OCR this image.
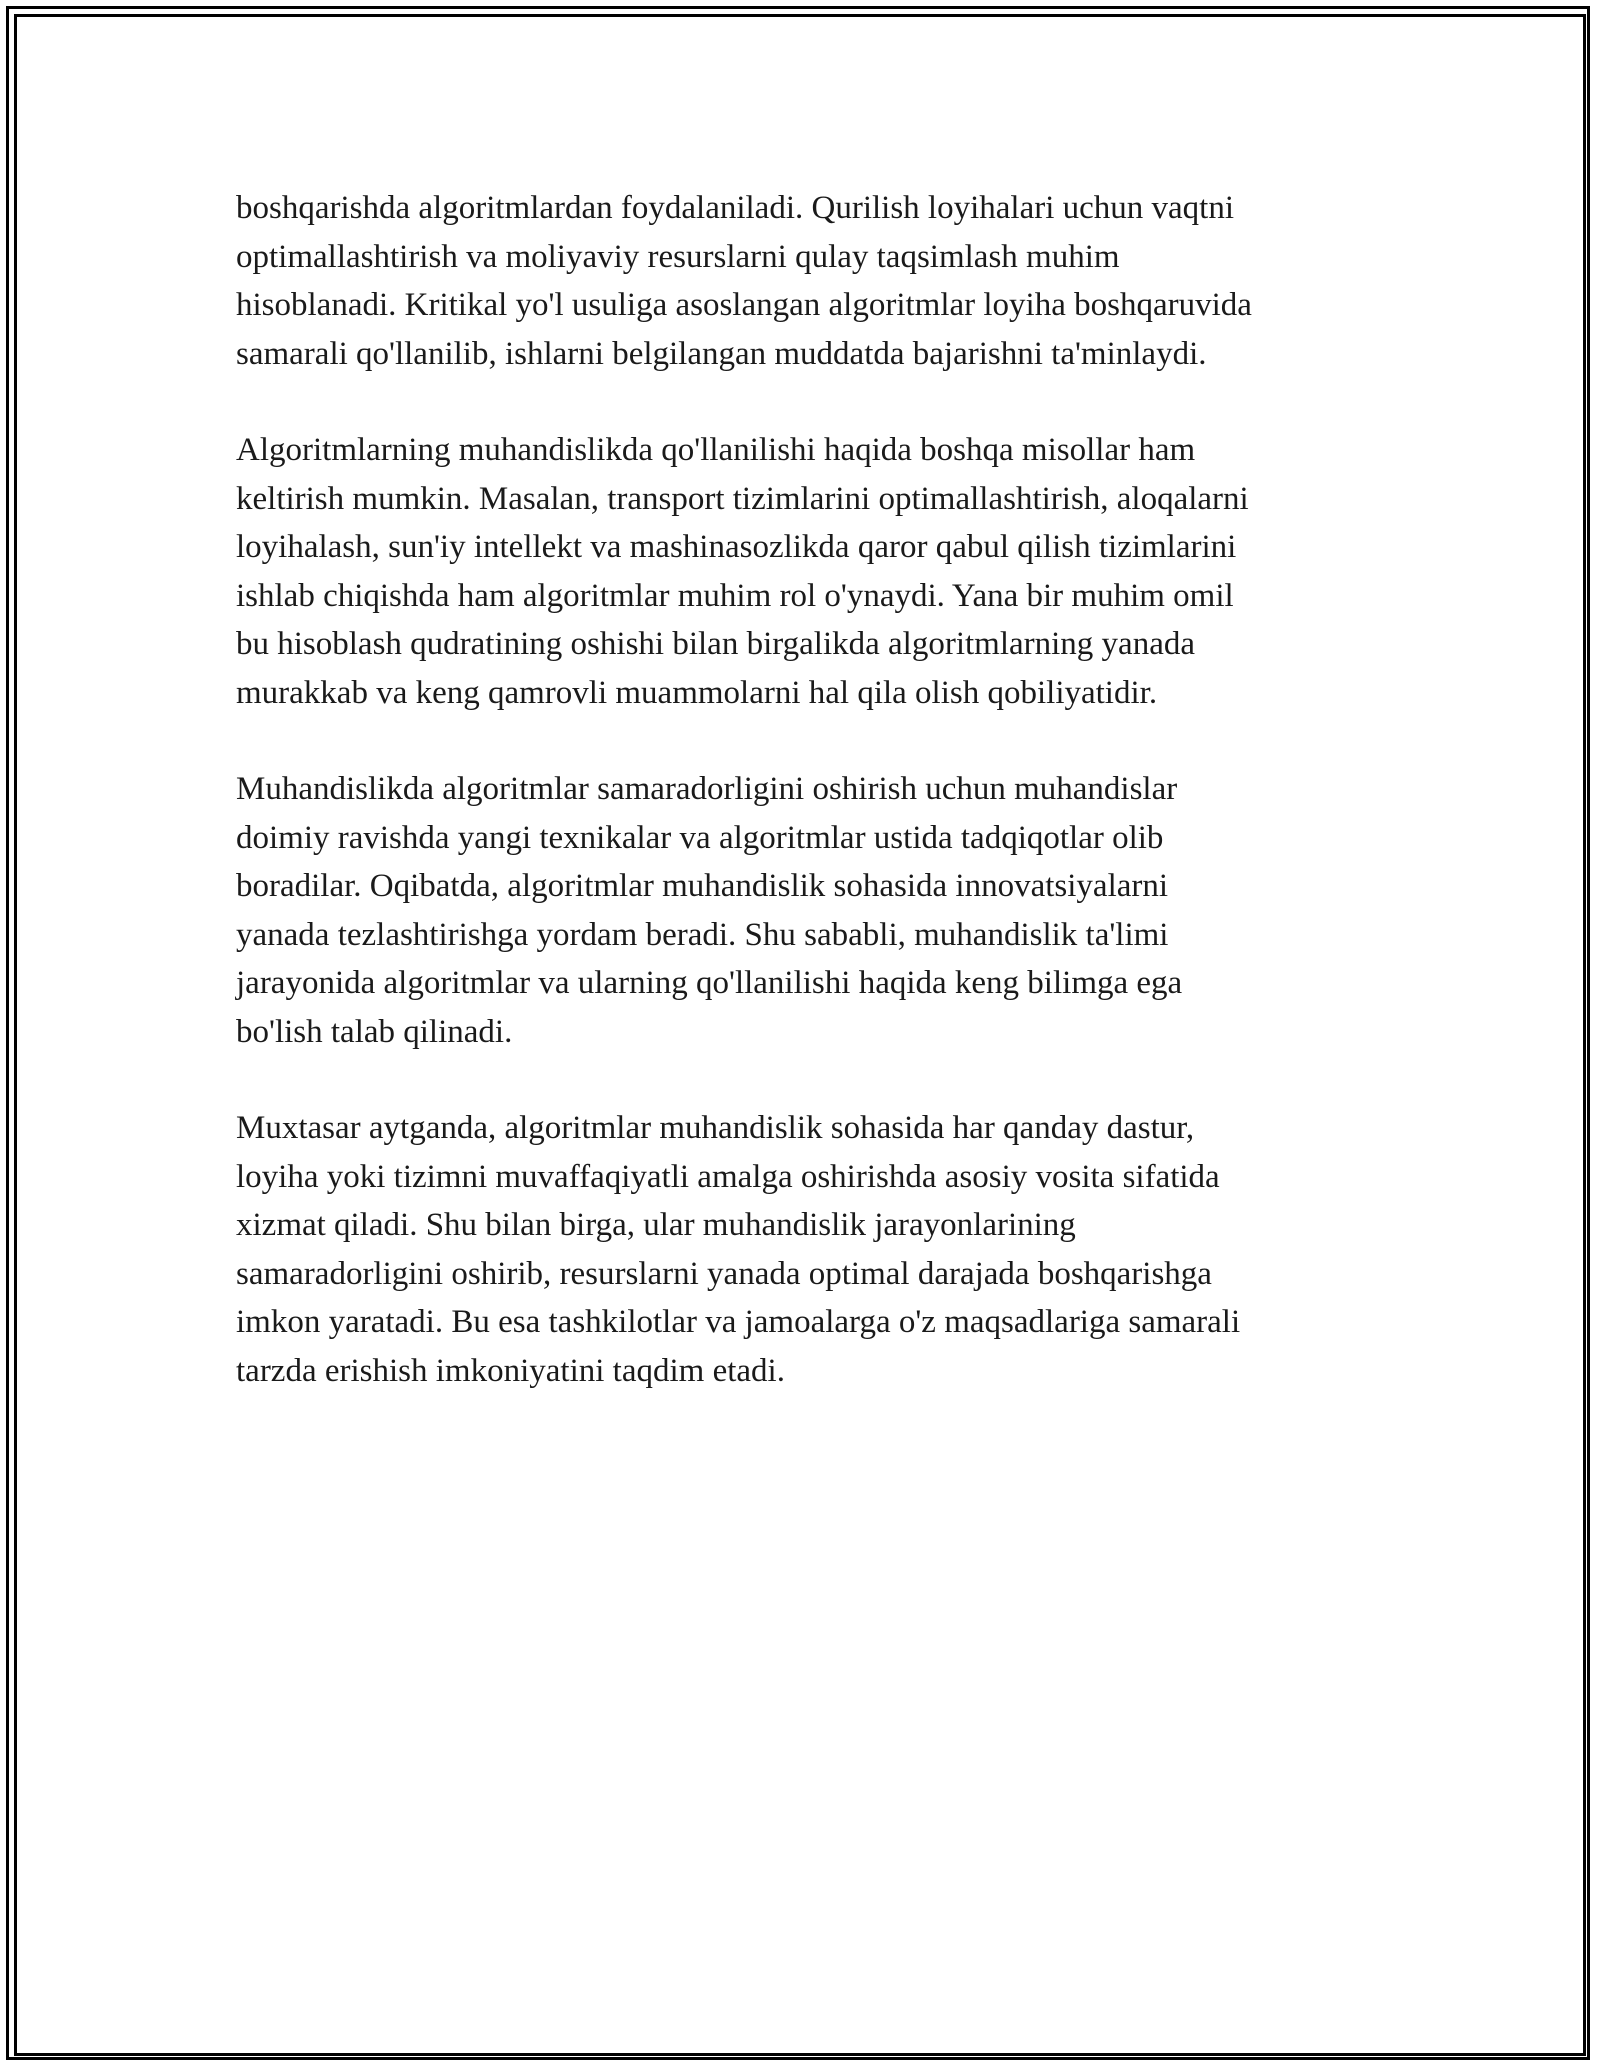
boshqarishda algoritmlardan foydalaniladi. Qurilish loyihalari uchun vaqtni
optimallashtirish va moliyaviy resurslarni qulay taqsimlash muhim
hisoblanadi. Kritikal yo'l usuliga asoslangan algoritmlar loyiha boshqaruvida
samarali qo'llanilib, ishlarni belgilangan muddatda bajarishni ta'minlaydi.

Algoritmlarning muhandislikda qo'llanilishi haqida boshqa misollar ham
keltirish mumkin. Masalan, transport tizimlarini optimallashtirish, aloqalarni
loyihalash, sun'iy intellekt va mashinasozlikda qaror qabul qilish tizimlarini
ishlab chiqishda ham algoritmlar muhim rol o'ynaydi. Yana bir muhim omil
bu hisoblash qudratining oshishi bilan birgalikda algoritmlarning yanada
murakkab va keng qamrovli muammolarni hal qila olish qobiliyatidir.

Muhandislikda algoritmlar samaradorligini oshirish uchun muhandislar
doimiy ravishda yangi texnikalar va algoritmlar ustida tadqiqotlar olib
boradilar. Oqibatda, algoritmlar muhandislik sohasida innovatsiyalarni
yanada tezlashtirishga yordam beradi. Shu sababli, muhandislik ta'limi
jarayonida algoritmlar va ularning qo'llanilishi haqida keng bilimga ega
bo'lish talab qilinadi.

Muxtasar aytganda, algoritmlar muhandislik sohasida har qanday dastur,
loyiha yoki tizimni muvaffaqiyatli amalga oshirishda asosiy vosita sifatida
xizmat qiladi. Shu bilan birga, ular muhandislik jarayonlarining
samaradorligini oshirib, resurslarni yanada optimal darajada boshqarishga
imkon yaratadi. Bu esa tashkilotlar va jamoalarga o'z maqsadlariga samarali
tarzda erishish imkoniyatini taqdim etadi.
